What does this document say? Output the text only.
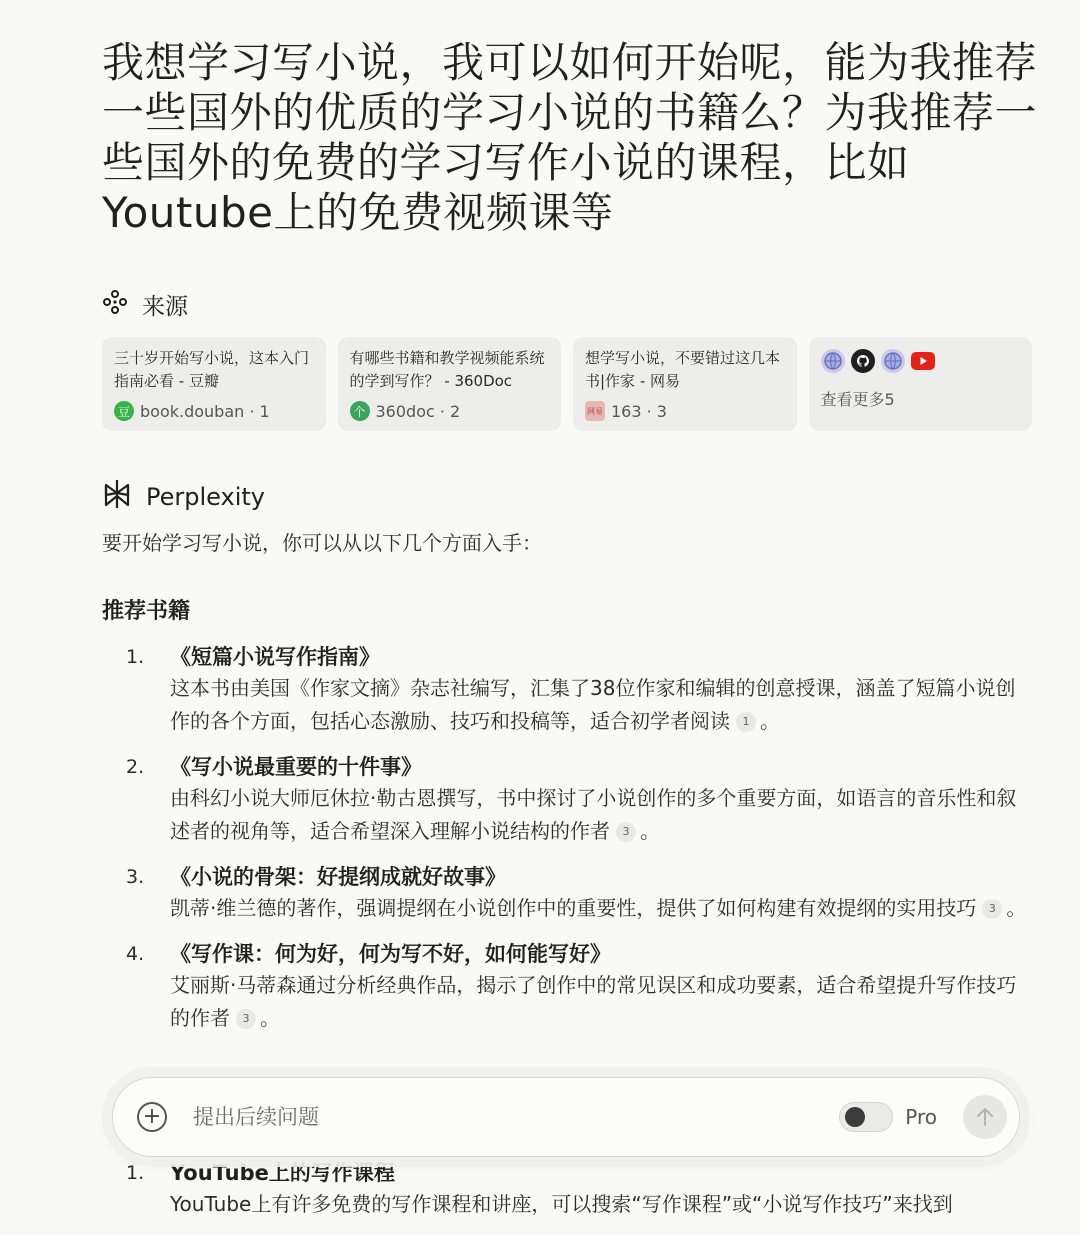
我想学习写小说，我可以如何开始呢，能为我推荐一些国外的优质的学习小说的书籍么？为我推荐一些国外的免费的学习写作小说的课程，比如Youtube上的免费视频课等
来源
三十岁开始写小说，这本入门指南必看 - 豆瓣
豆 book.douban · 1
有哪些书籍和教学视频能系统的学到写作？ - 360Doc
个 360doc · 2
想学写小说，不要错过这几本书|作家 - 网易
网易 163 · 3
查看更多5
Perplexity
要开始学习写小说，你可以从以下几个方面入手：
推荐书籍
1. 《短篇小说写作指南》
这本书由美国《作家文摘》杂志社编写，汇集了38位作家和编辑的创意授课，涵盖了短篇小说创作的各个方面，包括心态激励、技巧和投稿等，适合初学者阅读 1 。
2. 《写小说最重要的十件事》
由科幻小说大师厄休拉·勒古恩撰写，书中探讨了小说创作的多个重要方面，如语言的音乐性和叙述者的视角等，适合希望深入理解小说结构的作者 3 。
3. 《小说的骨架：好提纲成就好故事》
凯蒂·维兰德的著作，强调提纲在小说创作中的重要性，提供了如何构建有效提纲的实用技巧 3 。
4. 《写作课：何为好，何为写不好，如何能写好》
艾丽斯·马蒂森通过分析经典作品，揭示了创作中的常见误区和成功要素，适合希望提升写作技巧的作者 3 。
1. YouTube上的写作课程
YouTube上有许多免费的写作课程和讲座，可以搜索“写作课程”或“小说写作技巧”来找到
+
提出后续问题	Pro
